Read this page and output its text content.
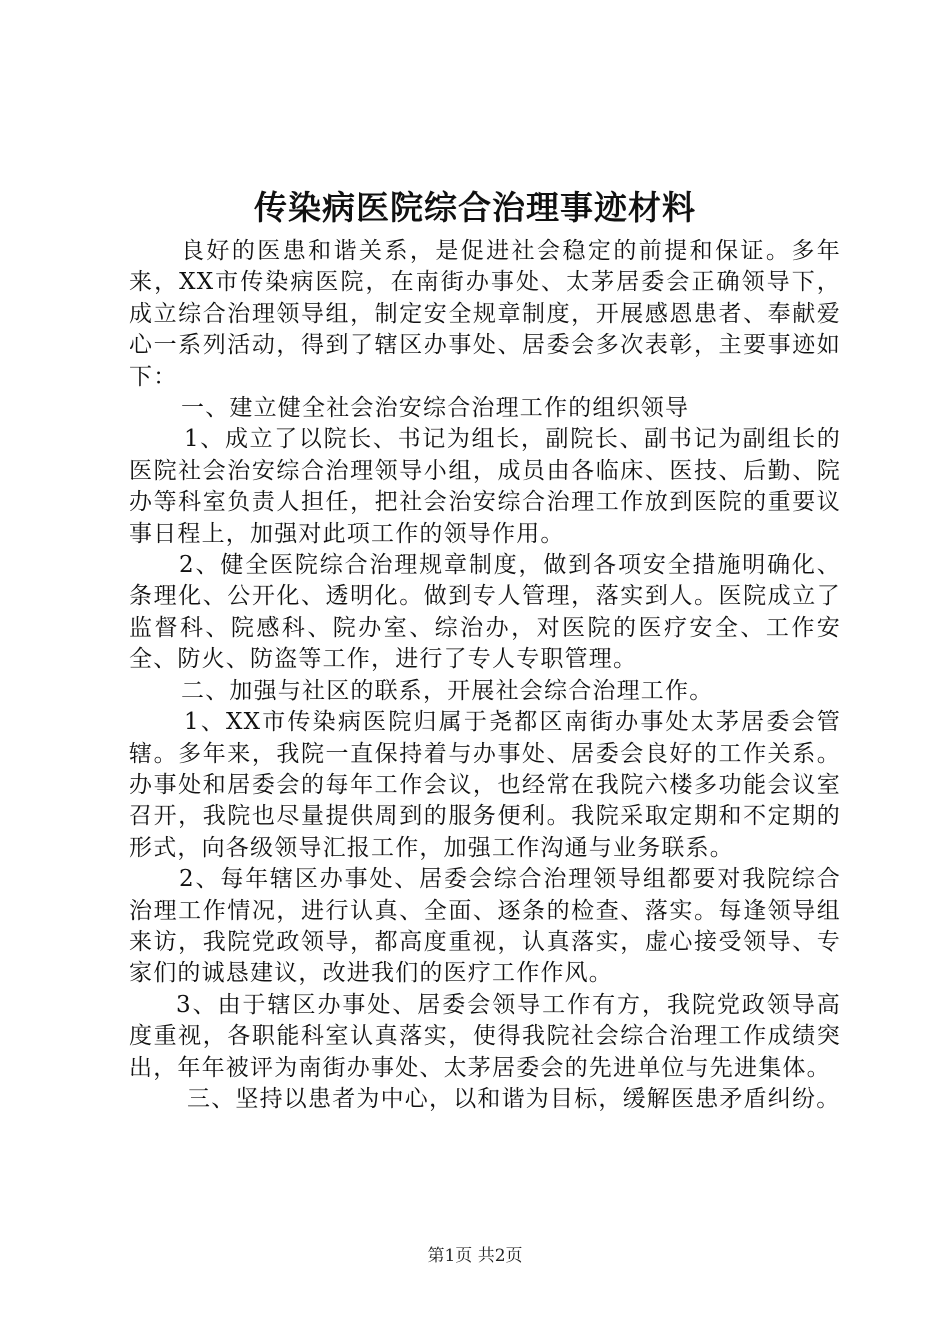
传染病医院综合治理事迹材料

良好的医患和谐关系，是促进社会稳定的前提和保证。多年来，XX市传染病医院，在南街办事处、太茅居委会正确领导下，成立综合治理领导组，制定安全规章制度，开展感恩患者、奉献爱心一系列活动，得到了辖区办事处、居委会多次表彰，主要事迹如下：

一、建立健全社会治安综合治理工作的组织领导

1、成立了以院长、书记为组长，副院长、副书记为副组长的医院社会治安综合治理领导小组，成员由各临床、医技、后勤、院办等科室负责人担任，把社会治安综合治理工作放到医院的重要议事日程上，加强对此项工作的领导作用。

2、健全医院综合治理规章制度，做到各项安全措施明确化、条理化、公开化、透明化。做到专人管理，落实到人。医院成立了监督科、院感科、院办室、综治办，对医院的医疗安全、工作安全、防火、防盗等工作，进行了专人专职管理。

二、加强与社区的联系，开展社会综合治理工作。

1、XX市传染病医院归属于尧都区南街办事处太茅居委会管辖。多年来，我院一直保持着与办事处、居委会良好的工作关系。办事处和居委会的每年工作会议，也经常在我院六楼多功能会议室召开，我院也尽量提供周到的服务便利。我院采取定期和不定期的形式，向各级领导汇报工作，加强工作沟通与业务联系。

2、每年辖区办事处、居委会综合治理领导组都要对我院综合治理工作情况，进行认真、全面、逐条的检查、落实。每逢领导组来访，我院党政领导，都高度重视，认真落实，虚心接受领导、专家们的诚恳建议，改进我们的医疗工作作风。

3、由于辖区办事处、居委会领导工作有方，我院党政领导高度重视，各职能科室认真落实，使得我院社会综合治理工作成绩突出，年年被评为南街办事处、太茅居委会的先进单位与先进集体。

三、坚持以患者为中心，以和谐为目标，缓解医患矛盾纠纷。

第1页 共2页
